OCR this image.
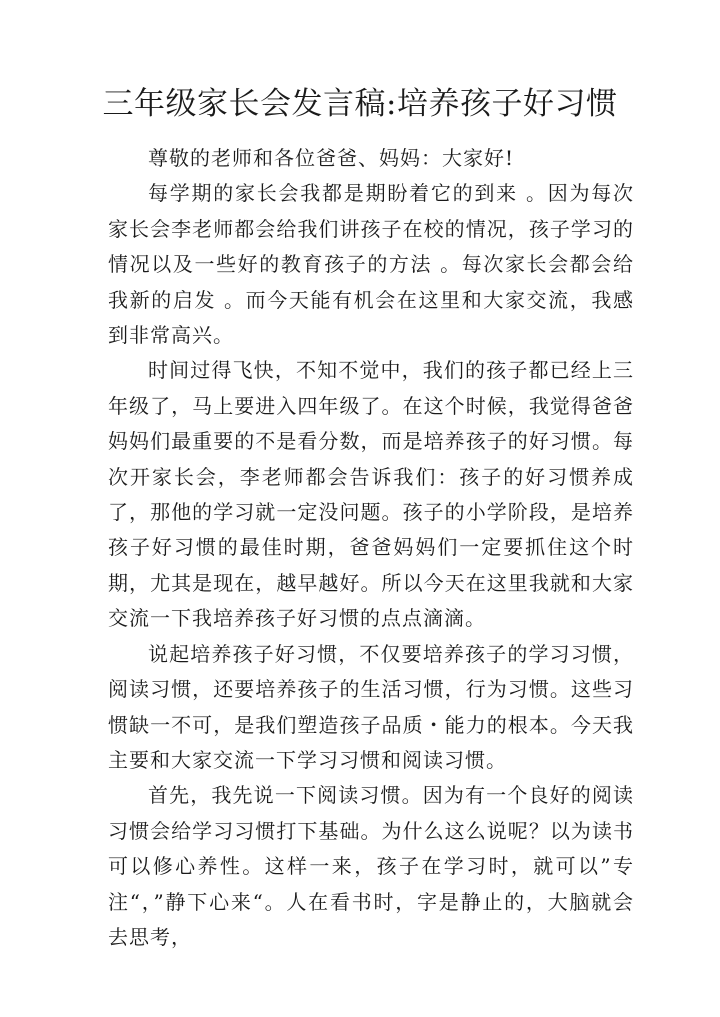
三年级家长会发言稿:培养孩子好习惯

尊敬的老师和各位爸爸、妈妈：大家好!

每学期的家长会我都是期盼着它的到来 。因为每次家长会李老师都会给我们讲孩子在校的情况，孩子学习的情况以及一些好的教育孩子的方法 。每次家长会都会给我新的启发 。而今天能有机会在这里和大家交流，我感到非常高兴。

时间过得飞快，不知不觉中，我们的孩子都已经上三年级了，马上要进入四年级了。在这个时候，我觉得爸爸妈妈们最重要的不是看分数，而是培养孩子的好习惯。每次开家长会，李老师都会告诉我们：孩子的好习惯养成了，那他的学习就一定没问题。孩子的小学阶段，是培养孩子好习惯的最佳时期，爸爸妈妈们一定要抓住这个时期，尤其是现在，越早越好。所以今天在这里我就和大家交流一下我培养孩子好习惯的点点滴滴。

说起培养孩子好习惯，不仅要培养孩子的学习习惯，阅读习惯，还要培养孩子的生活习惯，行为习惯。这些习惯缺一不可，是我们塑造孩子品质・能力的根本。今天我主要和大家交流一下学习习惯和阅读习惯。

首先，我先说一下阅读习惯。因为有一个良好的阅读习惯会给学习习惯打下基础。为什么这么说呢？以为读书可以修心养性。这样一来，孩子在学习时，就可以”专注“，”静下心来“。人在看书时，字是静止的，大脑就会去思考，
